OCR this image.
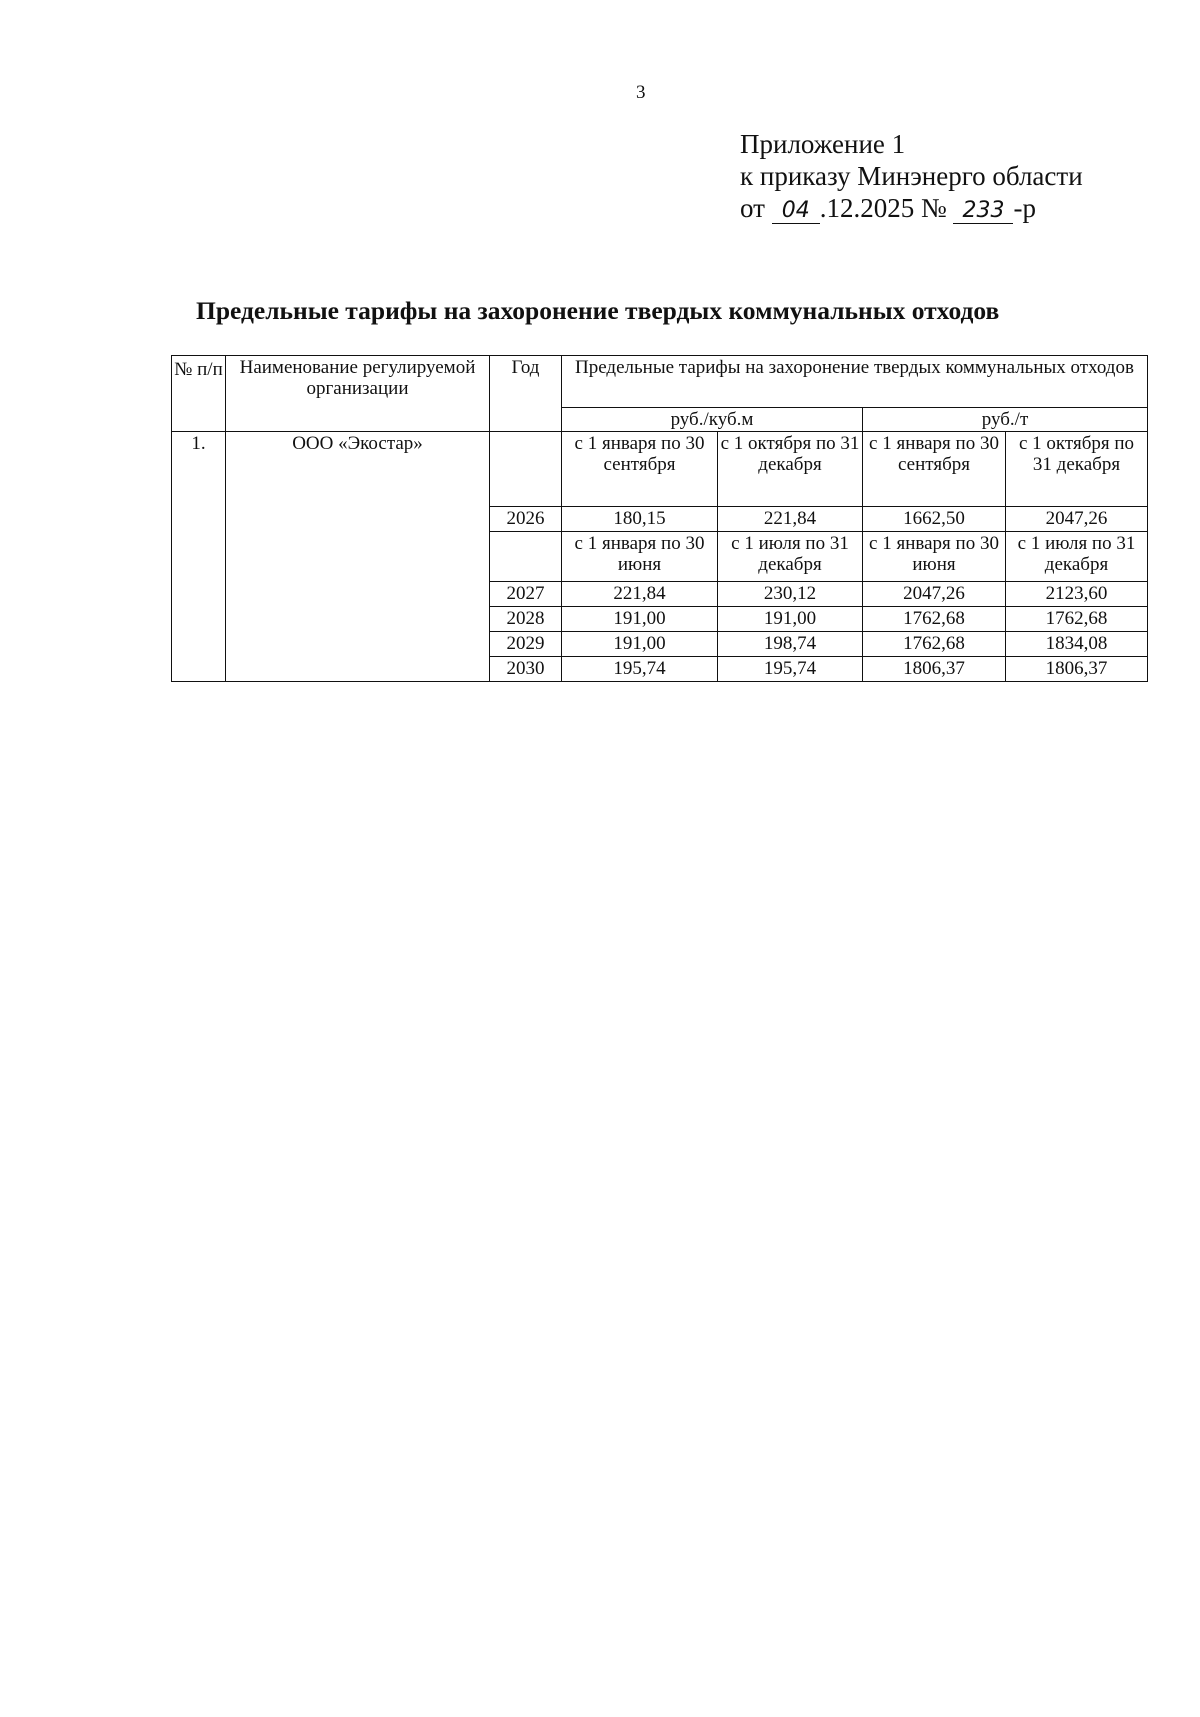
3
Приложение 1
к приказу Минэнерго области
от 04 .12.2025 № 233 -р
Предельные тарифы на захоронение твердых коммунальных отходов
№ п/п	Наименование регулируемой организации	Год	Предельные тарифы на захоронение твердых коммунальных отходов			
			руб./куб.м		руб./т	
1.	ООО «Экостар»		с 1 января по 30 сентября	с 1 октября по 31 декабря	с 1 января по 30 сентября	с 1 октября по 31 декабря
		2026	180,15	221,84	1662,50	2047,26
			с 1 января по 30 июня	с 1 июля по 31 декабря	с 1 января по 30 июня	с 1 июля по 31 декабря
		2027	221,84	230,12	2047,26	2123,60
		2028	191,00	191,00	1762,68	1762,68
		2029	191,00	198,74	1762,68	1834,08
		2030	195,74	195,74	1806,37	1806,37
